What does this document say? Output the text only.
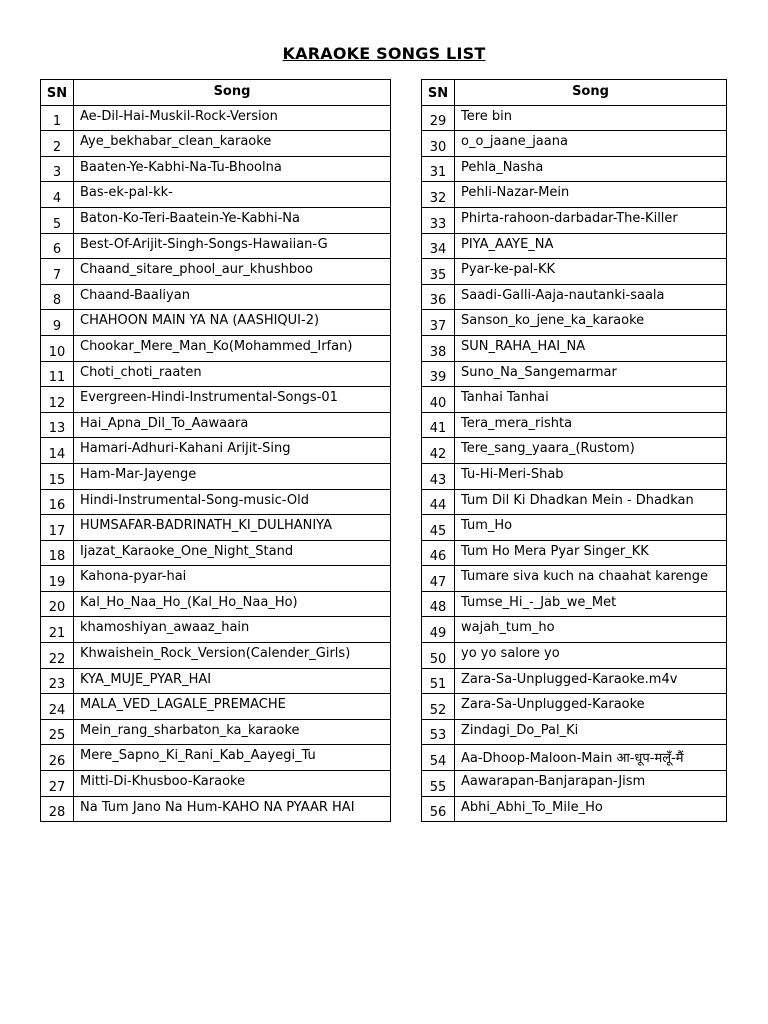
KARAOKE SONGS LIST
SN	Song
1	Ae-Dil-Hai-Muskil-Rock-Version
2	Aye_bekhabar_clean_karaoke
3	Baaten-Ye-Kabhi-Na-Tu-Bhoolna
4	Bas-ek-pal-kk-
5	Baton-Ko-Teri-Baatein-Ye-Kabhi-Na
6	Best-Of-Arijit-Singh-Songs-Hawaiian-G
7	Chaand_sitare_phool_aur_khushboo
8	Chaand-Baaliyan
9	CHAHOON MAIN YA NA (AASHIQUI-2)
10	Chookar_Mere_Man_Ko(Mohammed_Irfan)
11	Choti_choti_raaten
12	Evergreen-Hindi-Instrumental-Songs-01
13	Hai_Apna_Dil_To_Aawaara
14	Hamari-Adhuri-Kahani Arijit-Sing
15	Ham-Mar-Jayenge
16	Hindi-Instrumental-Song-music-Old
17	HUMSAFAR-BADRINATH_KI_DULHANIYA
18	Ijazat_Karaoke_One_Night_Stand
19	Kahona-pyar-hai
20	Kal_Ho_Naa_Ho_(Kal_Ho_Naa_Ho)
21	khamoshiyan_awaaz_hain
22	Khwaishein_Rock_Version(Calender_Girls)
23	KYA_MUJE_PYAR_HAI
24	MALA_VED_LAGALE_PREMACHE
25	Mein_rang_sharbaton_ka_karaoke
26	Mere_Sapno_Ki_Rani_Kab_Aayegi_Tu
27	Mitti-Di-Khusboo-Karaoke
28	Na Tum Jano Na Hum-KAHO NA PYAAR HAI
SN	Song
29	Tere bin
30	o_o_jaane_jaana
31	Pehla_Nasha
32	Pehli-Nazar-Mein
33	Phirta-rahoon-darbadar-The-Killer
34	PIYA_AAYE_NA
35	Pyar-ke-pal-KK
36	Saadi-Galli-Aaja-nautanki-saala
37	Sanson_ko_jene_ka_karaoke
38	SUN_RAHA_HAI_NA
39	Suno_Na_Sangemarmar
40	Tanhai Tanhai
41	Tera_mera_rishta
42	Tere_sang_yaara_(Rustom)
43	Tu-Hi-Meri-Shab
44	Tum Dil Ki Dhadkan Mein - Dhadkan
45	Tum_Ho
46	Tum Ho Mera Pyar Singer_KK
47	Tumare siva kuch na chaahat karenge
48	Tumse_Hi_-_Jab_we_Met
49	wajah_tum_ho
50	yo yo salore yo
51	Zara-Sa-Unplugged-Karaoke.m4v
52	Zara-Sa-Unplugged-Karaoke
53	Zindagi_Do_Pal_Ki
54	Aa-Dhoop-Maloon-Main आ-धूप-मलूँ-मैं
55	Aawarapan-Banjarapan-Jism
56	Abhi_Abhi_To_Mile_Ho
